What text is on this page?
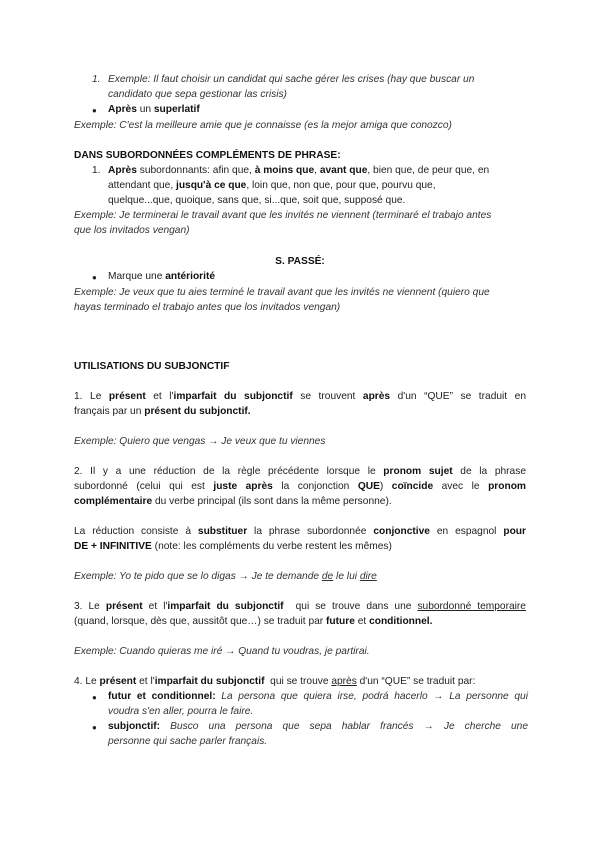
1. Exemple: Il faut choisir un candidat qui sache gérer les crises (hay que buscar un
candidato que sepa gestionar las crisis)
● Après un superlatif
Exemple: C'est la meilleure amie que je connaisse (es la mejor amiga que conozco)
DANS SUBORDONNÉES COMPLÉMENTS DE PHRASE:
1. Après subordonnants: afin que, à moins que, avant que, bien que, de peur que, en
attendant que, jusqu'à ce que, loin que, non que, pour que, pourvu que,
quelque...que, quoique, sans que, si...que, soit que, supposé que.
Exemple: Je terminerai le travail avant que les invités ne viennent (terminaré el trabajo antes
que los invitados vengan)
S. PASSÉ:
● Marque une antériorité
Exemple: Je veux que tu aies terminé le travail avant que les invités ne viennent (quiero que
hayas terminado el trabajo antes que los invitados vengan)
UTILISATIONS DU SUBJONCTIF
1. Le présent et l'imparfait du subjonctif se trouvent après d'un “QUE” se traduit en
français par un présent du subjonctif.
Exemple: Quiero que vengas → Je veux que tu viennes
2. Il y a une réduction de la règle précédente lorsque le pronom sujet de la phrase
subordonné (celui qui est juste après la conjonction QUE) coïncide avec le pronom
complémentaire du verbe principal (ils sont dans la même personne).
La réduction consiste à substituer la phrase subordonnée conjonctive en espagnol pour
DE + INFINITIVE (note: les compléments du verbe restent les mêmes)
Exemple: Yo te pido que se lo digas → Je te demande de le lui dire
3. Le présent et l'imparfait du subjonctif  qui se trouve dans une subordonné temporaire
(quand, lorsque, dès que, aussitôt que…) se traduit par future et conditionnel.
Exemple: Cuando quieras me iré → Quand tu voudras, je partirai.
4. Le présent et l'imparfait du subjonctif  qui se trouve après d'un “QUE” se traduit par:
● futur et conditionnel: La persona que quiera irse, podrá hacerlo → La personne qui
voudra s'en aller, pourra le faire.
● subjonctif: Busco una persona que sepa hablar francés → Je cherche une
personne qui sache parler français.
